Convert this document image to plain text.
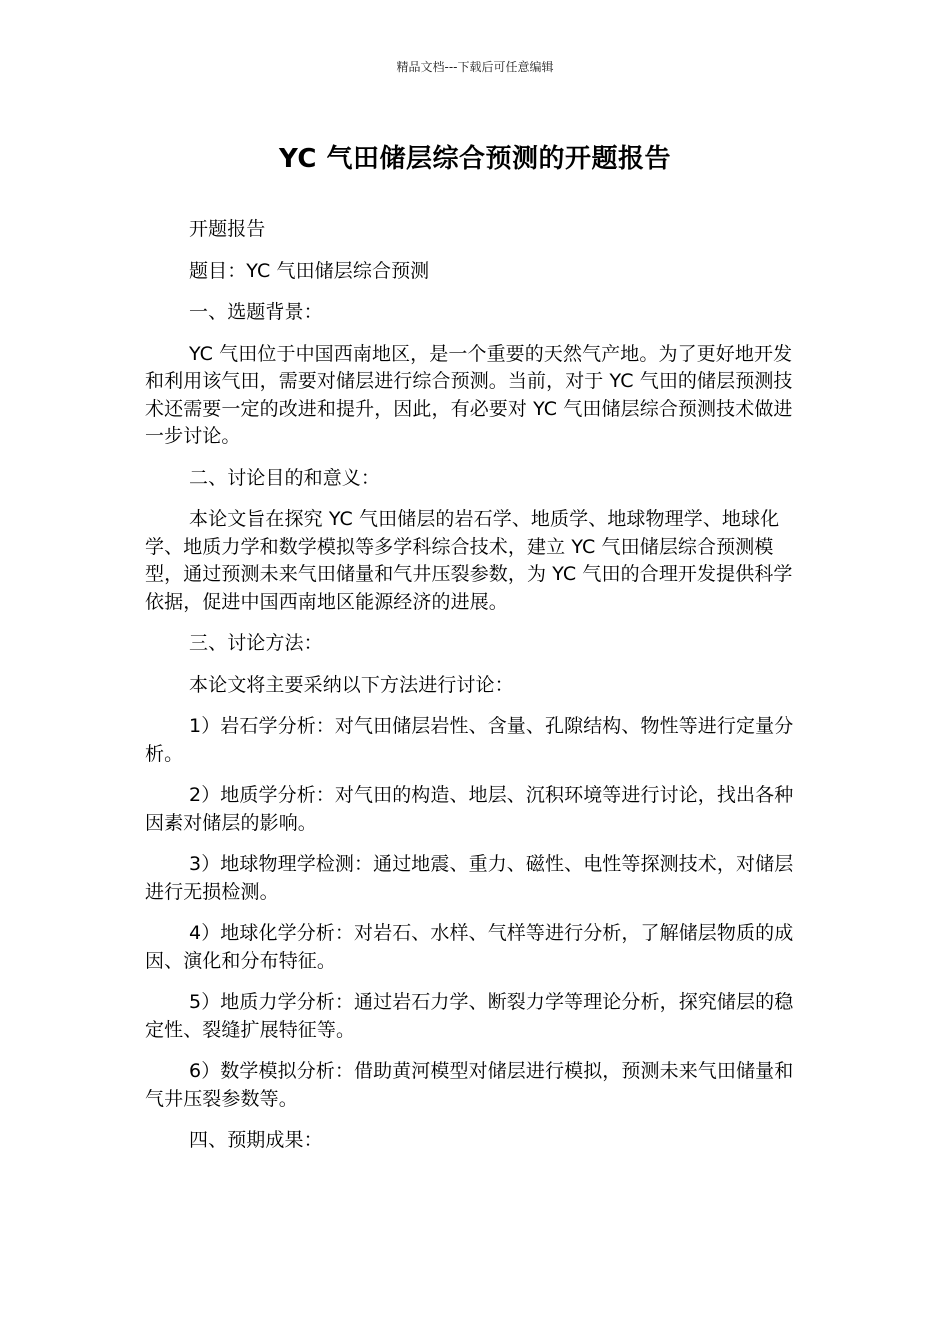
精品文档---下载后可任意编辑
YC 气田储层综合预测的开题报告

开题报告

题目：YC 气田储层综合预测

一、选题背景：

YC 气田位于中国西南地区，是一个重要的天然气产地。为了更好地开发和利用该气田，需要对储层进行综合预测。当前，对于 YC 气田的储层预测技术还需要一定的改进和提升，因此，有必要对 YC 气田储层综合预测技术做进一步讨论。

二、讨论目的和意义：

本论文旨在探究 YC 气田储层的岩石学、地质学、地球物理学、地球化学、地质力学和数学模拟等多学科综合技术，建立 YC 气田储层综合预测模型，通过预测未来气田储量和气井压裂参数，为 YC 气田的合理开发提供科学依据，促进中国西南地区能源经济的进展。

三、讨论方法：

本论文将主要采纳以下方法进行讨论：

1）岩石学分析：对气田储层岩性、含量、孔隙结构、物性等进行定量分析。

2）地质学分析：对气田的构造、地层、沉积环境等进行讨论，找出各种因素对储层的影响。

3）地球物理学检测：通过地震、重力、磁性、电性等探测技术，对储层进行无损检测。

4）地球化学分析：对岩石、水样、气样等进行分析，了解储层物质的成因、演化和分布特征。

5）地质力学分析：通过岩石力学、断裂力学等理论分析，探究储层的稳定性、裂缝扩展特征等。

6）数学模拟分析：借助黄河模型对储层进行模拟，预测未来气田储量和气井压裂参数等。

四、预期成果：
